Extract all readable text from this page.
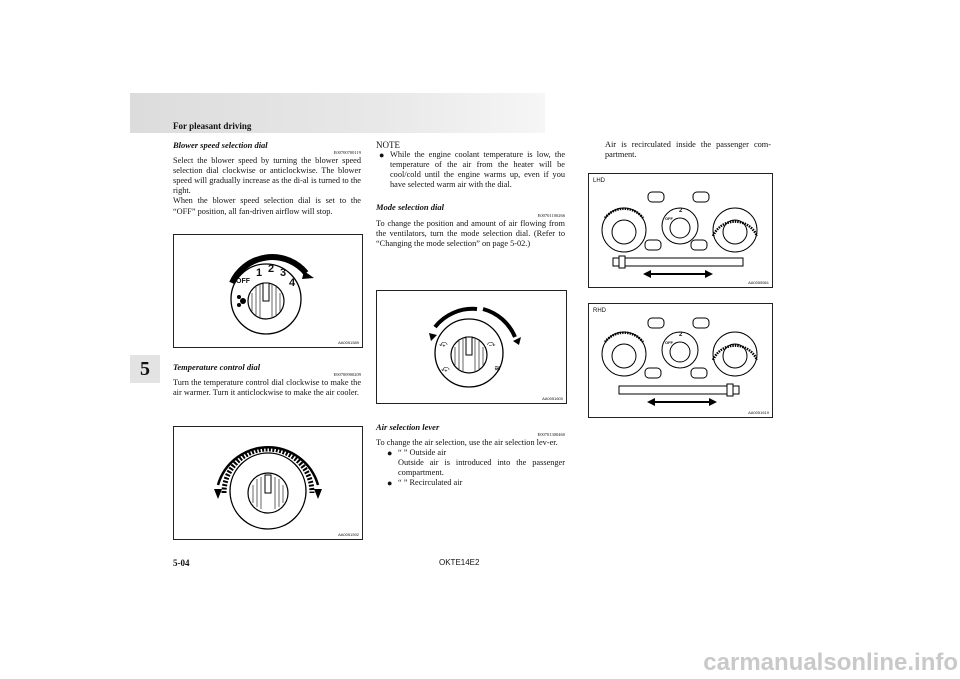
For pleasant driving
5
Blower speed selection dial
E00700700119

Select the blower speed by turning the blower speed selection dial clockwise or anticlockwise. The blower speed will gradually increase as the di-al is turned to the right.

When the blower speed selection dial is set to the “OFF” position, all fan-driven airflow will stop.

1 2 3
4
OFF
AA0051589
Temperature control dial
E00700900209

Turn the temperature control dial clockwise to make the air warmer. Turn it anticlockwise to make the air cooler.

AA0051592
NOTE
● While the engine coolant temperature is low, the temperature of the air from the heater will be cool/cold until the engine warms up, even if you have selected warm air with the dial.

Mode selection dial
E00701100266

To change the position and amount of air flowing from the ventilators, turn the mode selection dial. (Refer to “Changing the mode selection” on page 5-02.)

⤽	⤼
⤽	≋
AA0051600
Air selection lever
E00701300460

To change the air selection, use the air selection lev-er.

● “ ” Outside air

Outside air is introduced into the passenger compartment.

● “ ” Recirculated air

Air is recirculated inside the passenger com-partment.

LHD
2
OFF
AA0055561
RHD
2
OFF
AA0051619
5-04	OKTE14E2
carmanualsonline.info
